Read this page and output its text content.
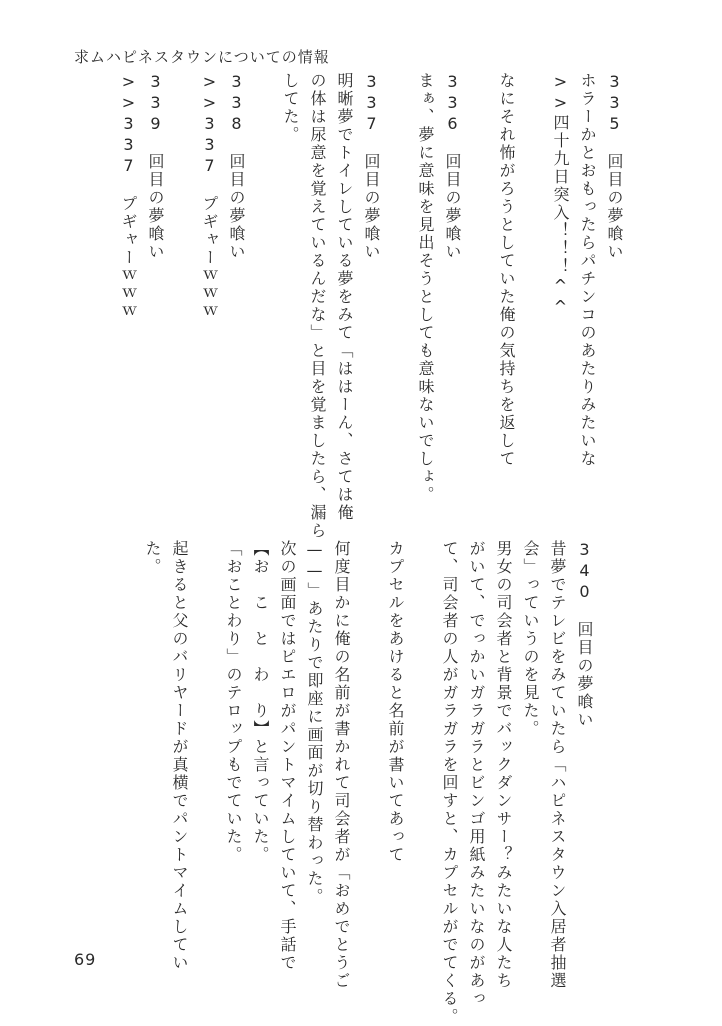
求ムハピネスタウンについての情報
335　回目の夢喰い
ホラーかとおもったらパチンコのあたりみたいな
>>四十九日突入！！！^^
なにそれ怖がろうとしていた俺の気持ちを返して
336　回目の夢喰い
まぁ、夢に意味を見出そうとしても意味ないでしょ。
337　回目の夢喰い
明晰夢でトイレしている夢をみて「ははーん、さては俺
の体は尿意を覚えているんだな」と目を覚ましたら、漏ら
してた。
338　回目の夢喰い
>>337　プギャーｗｗｗ
339　回目の夢喰い
>>337　プギャーｗｗｗ
340　回目の夢喰い
昔夢でテレビをみていたら「ハピネスタウン入居者抽選
会」っていうのを見た。
男女の司会者と背景でバックダンサー？みたいな人たち
がいて、でっかいガラガラとビンゴ用紙みたいなのがあっ
て、司会者の人がガラガラを回すと、カプセルがでてくる。
カプセルをあけると名前が書いてあって
何度目かに俺の名前が書かれて司会者が「おめでとうご
——」あたりで即座に画面が切り替わった。
次の画面ではピエロがパントマイムしていて、手話で
【お　こ　と　わ　り】と言っていた。
「おことわり」のテロップもでていた。
起きると父のバリヤードが真横でパントマイムしてい
た。
69
